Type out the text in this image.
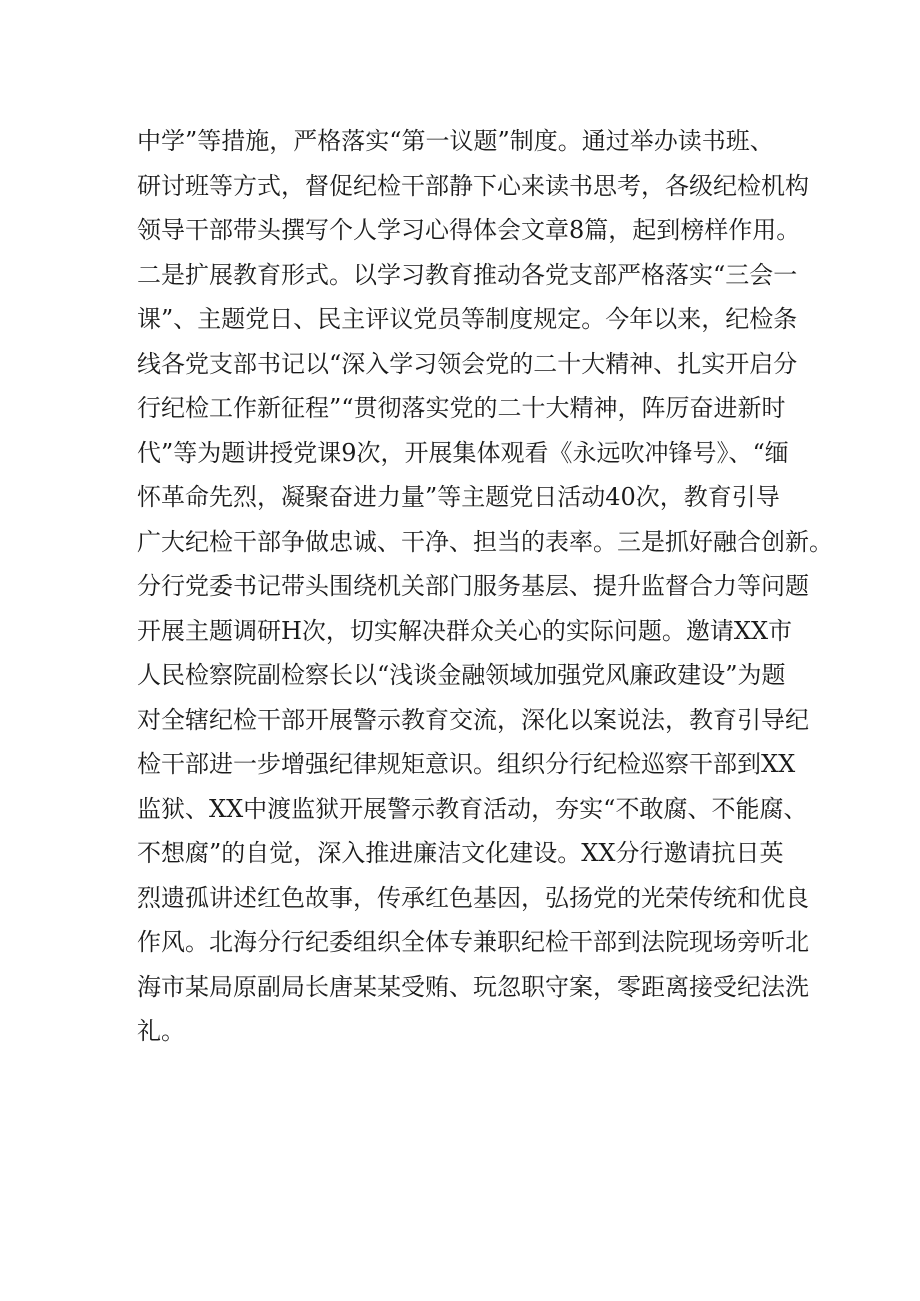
中学”等措施，严格落实“第一议题”制度。通过举办读书班、
研讨班等方式，督促纪检干部静下心来读书思考，各级纪检机构
领导干部带头撰写个人学习心得体会文章8篇，起到榜样作用。
二是扩展教育形式。以学习教育推动各党支部严格落实“三会一
课”、主题党日、民主评议党员等制度规定。今年以来，纪检条
线各党支部书记以“深入学习领会党的二十大精神、扎实开启分
行纪检工作新征程”“贯彻落实党的二十大精神，阵厉奋进新时
代”等为题讲授党课9次，开展集体观看《永远吹冲锋号》、“缅
怀革命先烈，凝聚奋进力量”等主题党日活动40次，教育引导
广大纪检干部争做忠诚、干净、担当的表率。三是抓好融合创新。
分行党委书记带头围绕机关部门服务基层、提升监督合力等问题
开展主题调研H次，切实解决群众关心的实际问题。邀请XX市
人民检察院副检察长以“浅谈金融领域加强党风廉政建设”为题
对全辖纪检干部开展警示教育交流，深化以案说法，教育引导纪
检干部进一步增强纪律规矩意识。组织分行纪检巡察干部到XX
监狱、XX中渡监狱开展警示教育活动，夯实“不敢腐、不能腐、
不想腐”的自觉，深入推进廉洁文化建设。XX分行邀请抗日英
烈遗孤讲述红色故事，传承红色基因，弘扬党的光荣传统和优良
作风。北海分行纪委组织全体专兼职纪检干部到法院现场旁听北
海市某局原副局长唐某某受贿、玩忽职守案，零距离接受纪法洗
礼。
